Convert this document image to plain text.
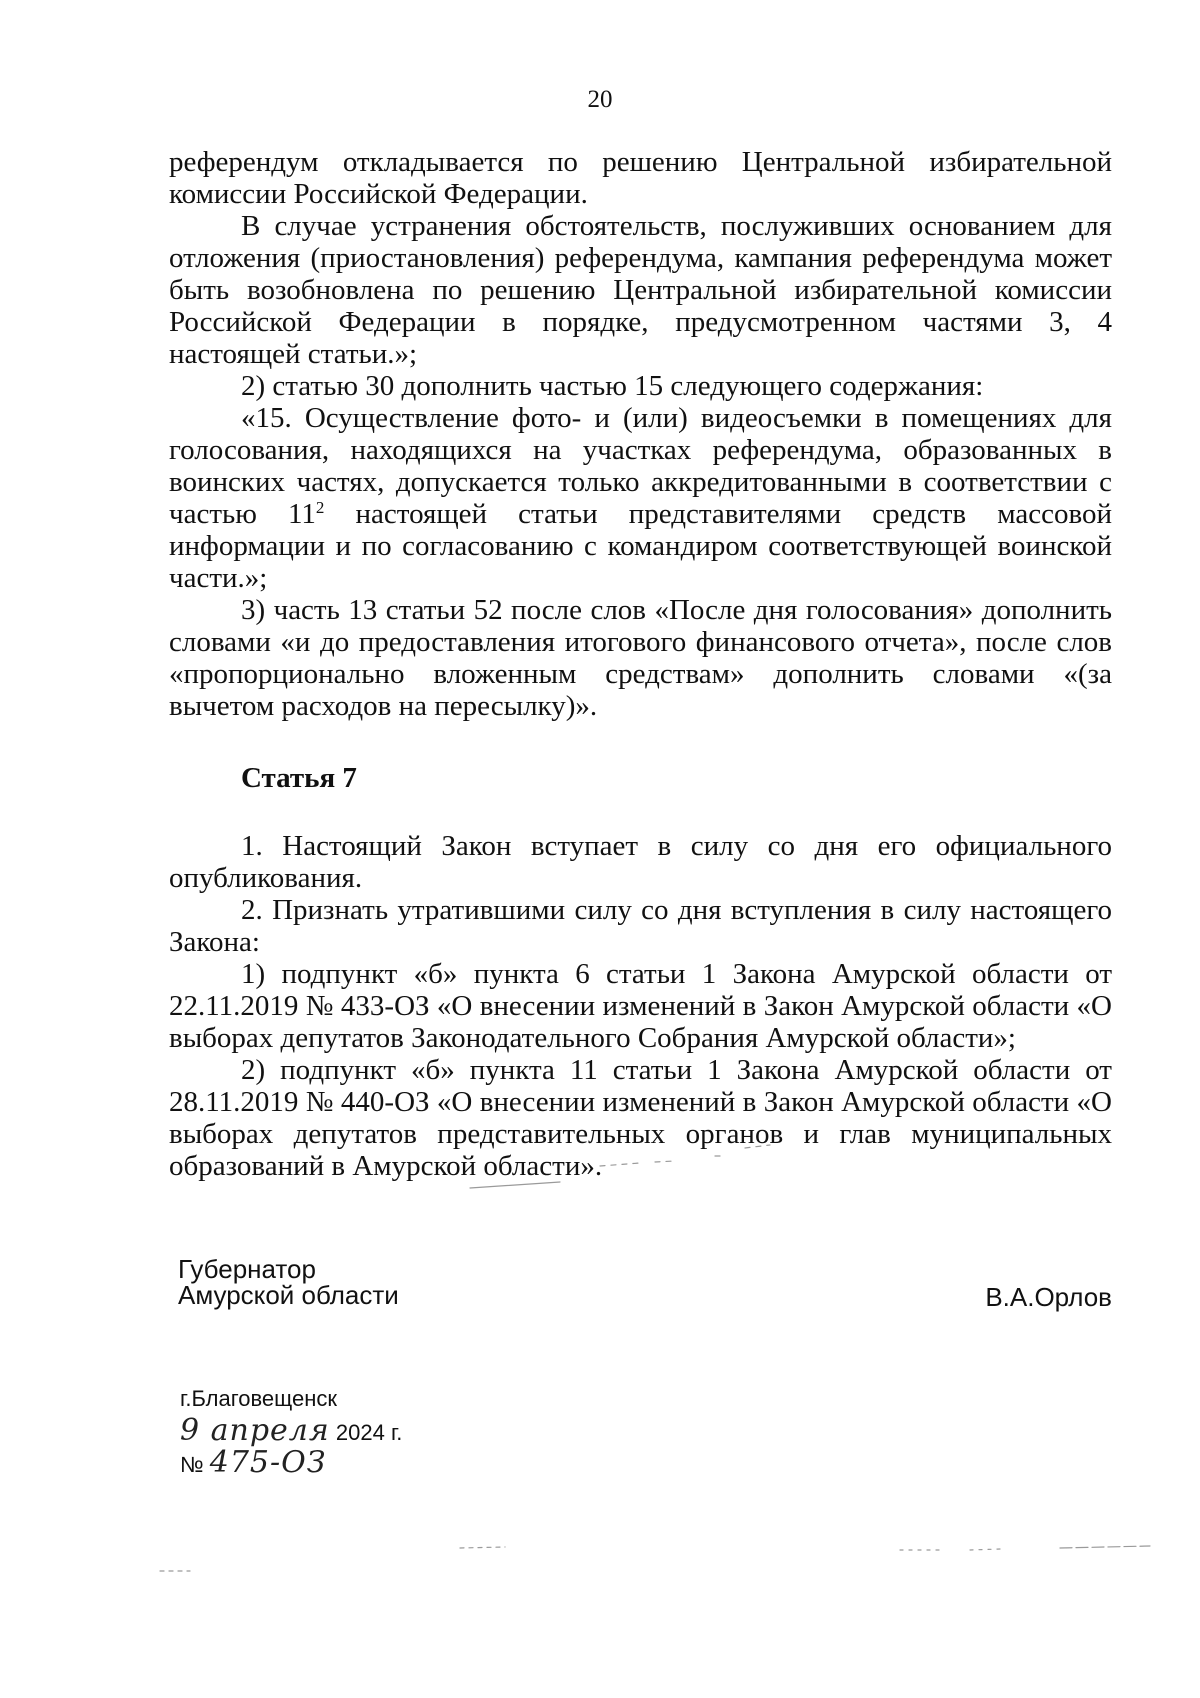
20

референдум откладывается по решению Центральной избирательной комиссии Российской Федерации.

В случае устранения обстоятельств, послуживших основанием для отложения (приостановления) референдума, кампания референдума может быть возобновлена по решению Центральной избирательной комиссии Российской Федерации в порядке, предусмотренном частями 3, 4 настоящей статьи.»;

2) статью 30 дополнить частью 15 следующего содержания:

«15. Осуществление фото- и (или) видеосъемки в помещениях для голосования, находящихся на участках референдума, образованных в воинских частях, допускается только аккредитованными в соответствии с частью $11^2$ настоящей статьи представителями средств массовой информации и по согласованию с командиром соответствующей воинской части.»;

3) часть 13 статьи 52 после слов «После дня голосования» дополнить словами «и до предоставления итогового финансового отчета», после слов «пропорционально вложенным средствам» дополнить словами «(за вычетом расходов на пересылку)».

Статья 7

1. Настоящий Закон вступает в силу со дня его официального опубликования.

2. Признать утратившими силу со дня вступления в силу настоящего Закона:

1) подпункт «б» пункта 6 статьи 1 Закона Амурской области от 22.11.2019 № 433-ОЗ «О внесении изменений в Закон Амурской области «О выборах депутатов Законодательного Собрания Амурской области»;

2) подпункт «б» пункта 11 статьи 1 Закона Амурской области от 28.11.2019 № 440-ОЗ «О внесении изменений в Закон Амурской области «О выборах депутатов представительных органов и глав муниципальных образований в Амурской области».

Губернатор
Амурской области	В.А.Орлов
г.Благовещенск
9 апреля 2024 г.
№ 475-ОЗ
